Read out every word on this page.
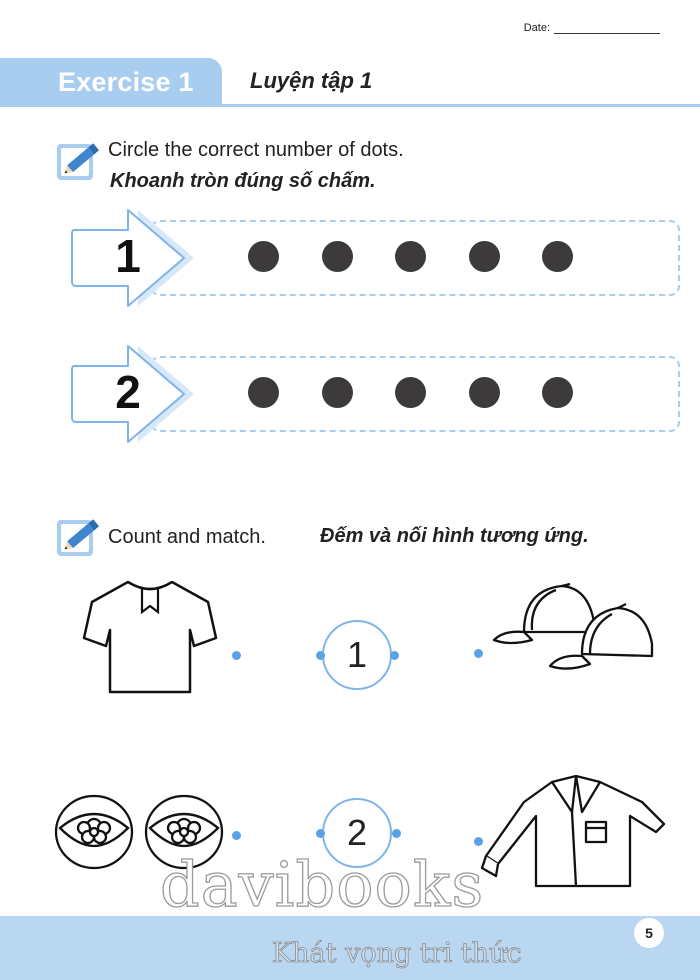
Date:
Exercise 1	Luyện tập 1
Circle the correct number of dots.
Khoanh tròn đúng số chấm.
1
2
Count and match.	Đếm và nối hình tương ứng.
1
2
davibooks
Khát vọng tri thức
5
